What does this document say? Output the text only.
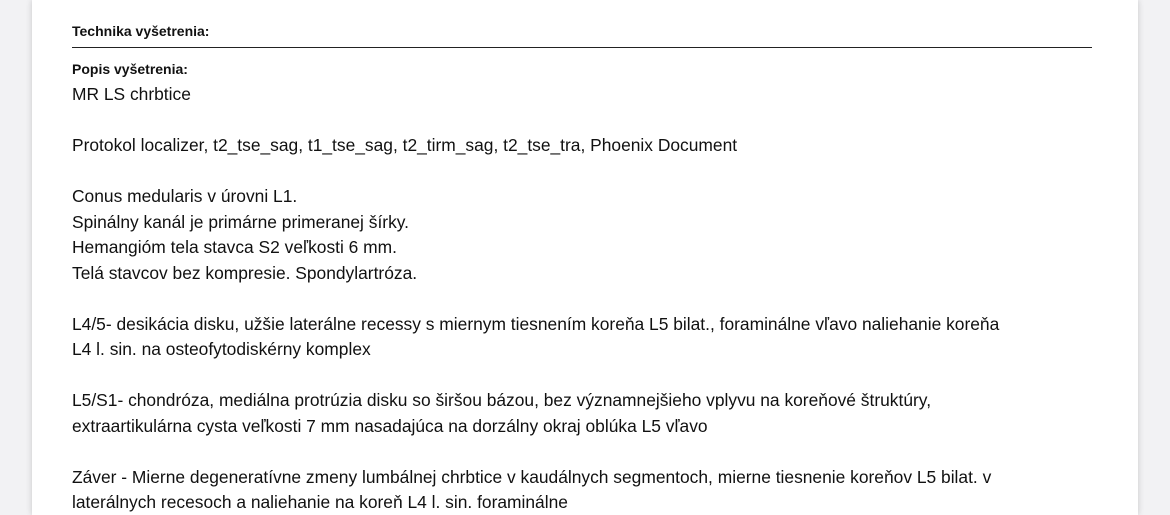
Technika vyšetrenia:
Popis vyšetrenia:

MR LS chrbtice

Protokol localizer, t2_tse_sag, t1_tse_sag, t2_tirm_sag, t2_tse_tra, Phoenix Document

Conus medularis v úrovni L1.

Spinálny kanál je primárne primeranej šírky.

Hemangióm tela stavca S2 veľkosti 6 mm.

Telá stavcov bez kompresie. Spondylartróza.

L4/5- desikácia disku, užšie laterálne recessy s miernym tiesnením koreňa L5 bilat., foraminálne vľavo naliehanie koreňa

L4 l. sin. na osteofytodiskérny komplex

L5/S1- chondróza, mediálna protrúzia disku so širšou bázou, bez významnejšieho vplyvu na koreňové štruktúry,

extraartikulárna cysta veľkosti 7 mm nasadajúca na dorzálny okraj oblúka L5 vľavo

Záver - Mierne degeneratívne zmeny lumbálnej chrbtice v kaudálnych segmentoch, mierne tiesnenie koreňov L5 bilat. v

laterálnych recesoch a naliehanie na koreň L4 l. sin. foraminálne
